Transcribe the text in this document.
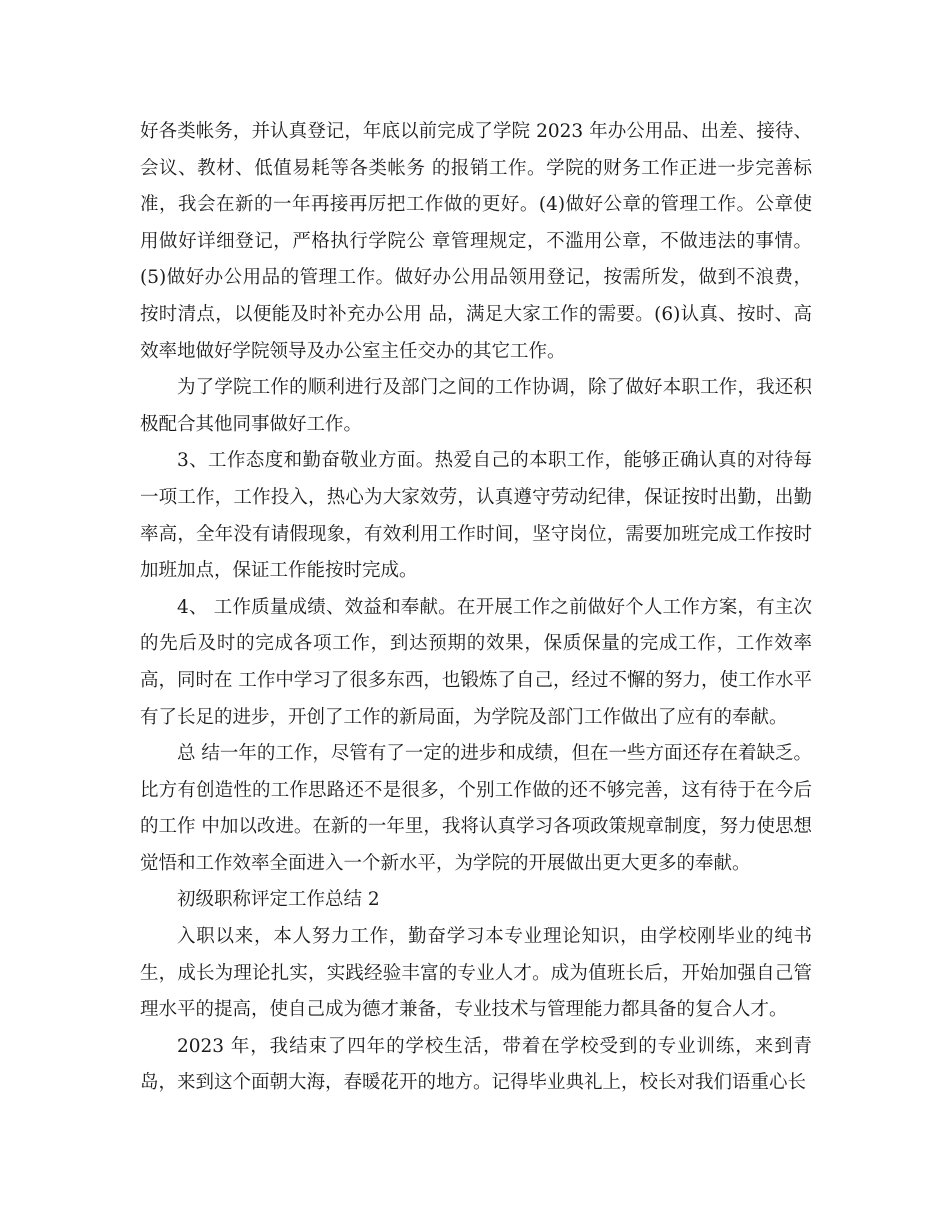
好各类帐务，并认真登记，年底以前完成了学院 2023 年办公用品、出差、接待、会议、教材、低值易耗等各类帐务 的报销工作。学院的财务工作正进一步完善标准，我会在新的一年再接再厉把工作做的更好。(4)做好公章的管理工作。公章使用做好详细登记，严格执行学院公 章管理规定，不滥用公章，不做违法的事情。(5)做好办公用品的管理工作。做好办公用品领用登记，按需所发，做到不浪费，按时清点，以便能及时补充办公用 品，满足大家工作的需要。(6)认真、按时、高效率地做好学院领导及办公室主任交办的其它工作。

为了学院工作的顺利进行及部门之间的工作协调，除了做好本职工作，我还积极配合其他同事做好工作。

3、工作态度和勤奋敬业方面。热爱自己的本职工作，能够正确认真的对待每一项工作，工作投入，热心为大家效劳，认真遵守劳动纪律，保证按时出勤，出勤率高，全年没有请假现象，有效利用工作时间，坚守岗位，需要加班完成工作按时加班加点，保证工作能按时完成。

4、 工作质量成绩、效益和奉献。在开展工作之前做好个人工作方案，有主次的先后及时的完成各项工作，到达预期的效果，保质保量的完成工作，工作效率高，同时在 工作中学习了很多东西，也锻炼了自己，经过不懈的努力，使工作水平有了长足的进步，开创了工作的新局面，为学院及部门工作做出了应有的奉献。

总 结一年的工作，尽管有了一定的进步和成绩，但在一些方面还存在着缺乏。比方有创造性的工作思路还不是很多，个别工作做的还不够完善，这有待于在今后的工作 中加以改进。在新的一年里，我将认真学习各项政策规章制度，努力使思想觉悟和工作效率全面进入一个新水平，为学院的开展做出更大更多的奉献。

初级职称评定工作总结 2

入职以来，本人努力工作，勤奋学习本专业理论知识，由学校刚毕业的纯书生，成长为理论扎实，实践经验丰富的专业人才。成为值班长后，开始加强自己管理水平的提高，使自己成为德才兼备，专业技术与管理能力都具备的复合人才。

2023 年，我结束了四年的学校生活，带着在学校受到的专业训练，来到青岛，来到这个面朝大海，春暖花开的地方。记得毕业典礼上，校长对我们语重心长
